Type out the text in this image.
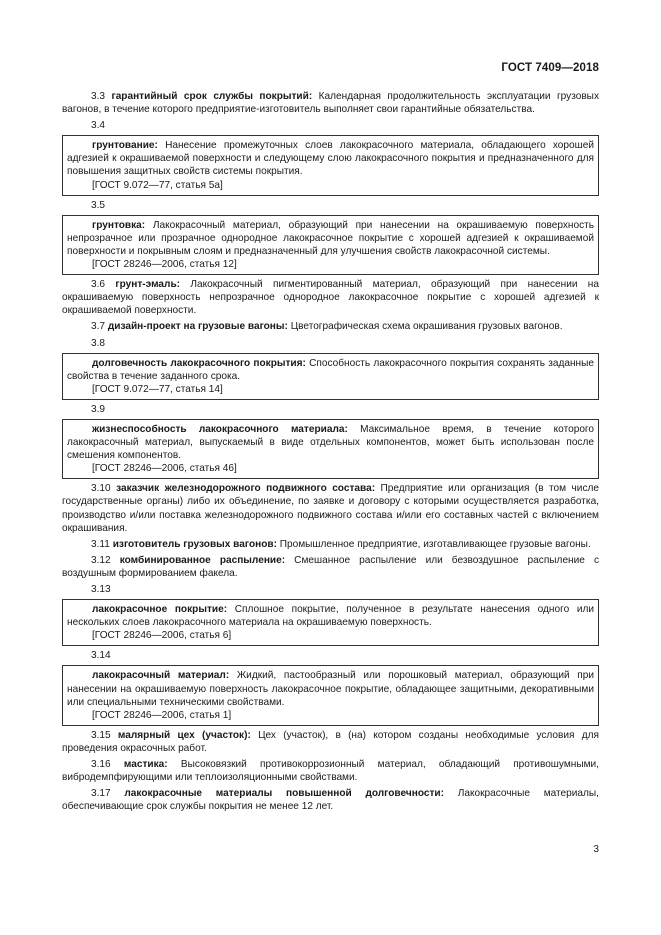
ГОСТ 7409—2018
3.3 гарантийный срок службы покрытий: Календарная продолжительность эксплуатации грузовых вагонов, в течение которого предприятие-изготовитель выполняет свои гарантийные обязательства.
3.4
грунтование: Нанесение промежуточных слоев лакокрасочного материала, обладающего хорошей адгезией к окрашиваемой поверхности и следующему слою лакокрасочного покрытия и предназначенного для повышения защитных свойств системы покрытия.
[ГОСТ 9.072—77, статья 5а]
3.5
грунтовка: Лакокрасочный материал, образующий при нанесении на окрашиваемую поверхность непрозрачное или прозрачное однородное лакокрасочное покрытие с хорошей адгезией к окрашиваемой поверхности и покрывным слоям и предназначенный для улучшения свойств лакокрасочной системы.
[ГОСТ 28246—2006, статья 12]
3.6 грунт-эмаль: Лакокрасочный пигментированный материал, образующий при нанесении на окрашиваемую поверхность непрозрачное однородное лакокрасочное покрытие с хорошей адгезией к окрашиваемой поверхности.
3.7 дизайн-проект на грузовые вагоны: Цветографическая схема окрашивания грузовых вагонов.
3.8
долговечность лакокрасочного покрытия: Способность лакокрасочного покрытия сохранять заданные свойства в течение заданного срока.
[ГОСТ 9.072—77, статья 14]
3.9
жизнеспособность лакокрасочного материала: Максимальное время, в течение которого лакокрасочный материал, выпускаемый в виде отдельных компонентов, может быть использован после смешения компонентов.
[ГОСТ 28246—2006, статья 46]
3.10 заказчик железнодорожного подвижного состава: Предприятие или организация (в том числе государственные органы) либо их объединение, по заявке и договору с которыми осуществляется разработка, производство и/или поставка железнодорожного подвижного состава и/или его составных частей с включением окрашивания.
3.11 изготовитель грузовых вагонов: Промышленное предприятие, изготавливающее грузовые вагоны.
3.12 комбинированное распыление: Смешанное распыление или безвоздушное распыление с воздушным формированием факела.
3.13
лакокрасочное покрытие: Сплошное покрытие, полученное в результате нанесения одного или нескольких слоев лакокрасочного материала на окрашиваемую поверхность.
[ГОСТ 28246—2006, статья 6]
3.14
лакокрасочный материал: Жидкий, пастообразный или порошковый материал, образующий при нанесении на окрашиваемую поверхность лакокрасочное покрытие, обладающее защитными, декоративными или специальными техническими свойствами.
[ГОСТ 28246—2006, статья 1]
3.15 малярный цех (участок): Цех (участок), в (на) котором созданы необходимые условия для проведения окрасочных работ.
3.16 мастика: Высоковязкий противокоррозионный материал, обладающий противошумными, вибродемпфирующими или теплоизоляционными свойствами.
3.17 лакокрасочные материалы повышенной долговечности: Лакокрасочные материалы, обеспечивающие срок службы покрытия не менее 12 лет.
3
